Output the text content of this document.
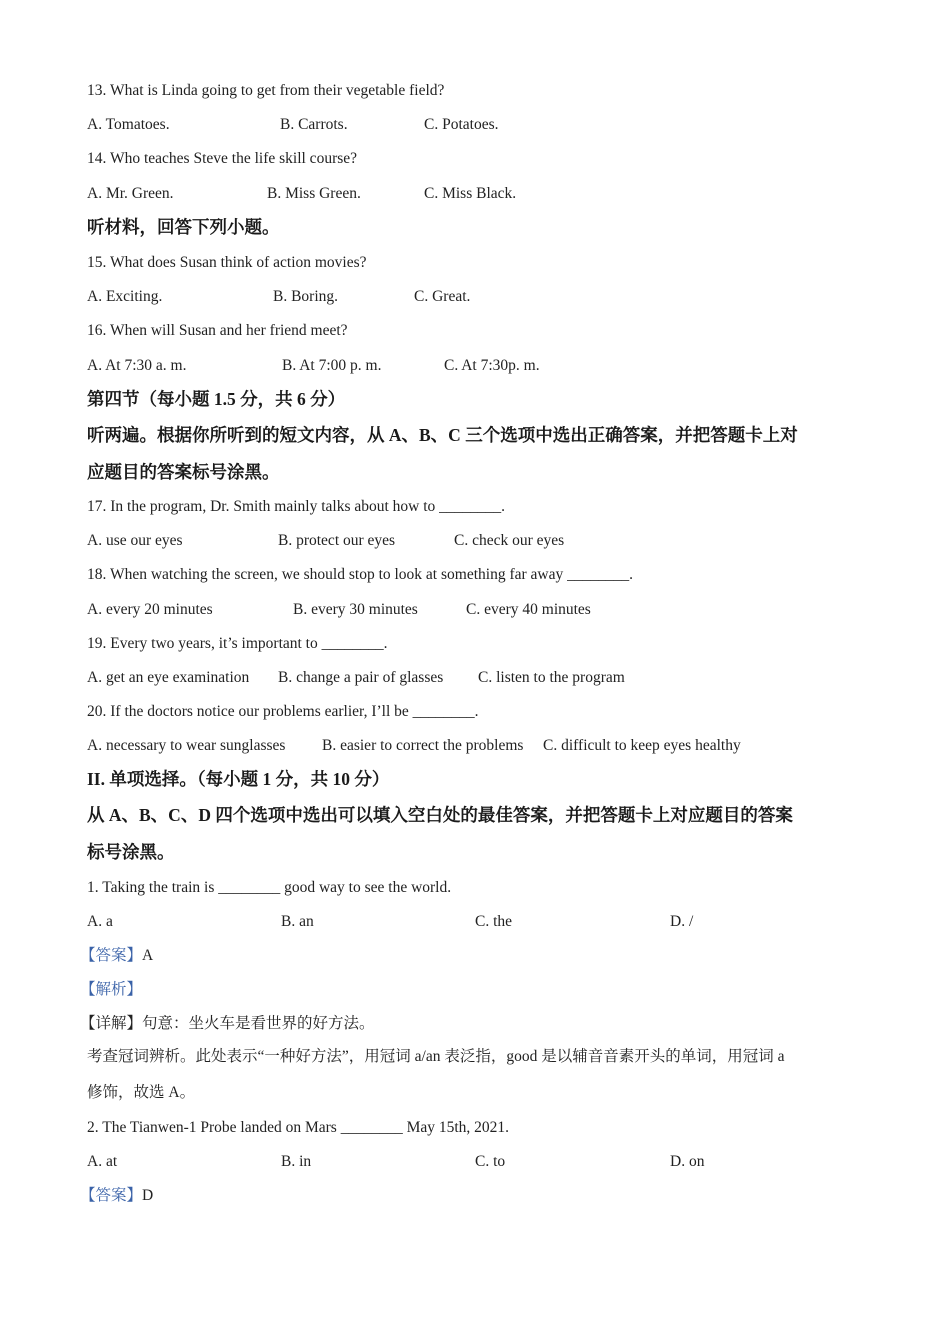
13. What is Linda going to get from their vegetable field?
A. Tomatoes.	B. Carrots.	C. Potatoes.
14. Who teaches Steve the life skill course?
A. Mr. Green.	B. Miss Green.	C. Miss Black.
听材料，回答下列小题。
15. What does Susan think of action movies?
A. Exciting.	B. Boring.	C. Great.
16. When will Susan and her friend meet?
A. At 7:30 a. m.	B. At 7:00 p. m.	C. At 7:30p. m.
第四节（每小题 1.5 分，共 6 分）
听两遍。根据你所听到的短文内容，从 A、B、C 三个选项中选出正确答案，并把答题卡上对
应题目的答案标号涂黑。
17. In the program, Dr. Smith mainly talks about how to ________.
A. use our eyes	B. protect our eyes	C. check our eyes
18. When watching the screen, we should stop to look at something far away ________.
A. every 20 minutes	B. every 30 minutes	C. every 40 minutes
19. Every two years, it’s important to ________.
A. get an eye examination B. change a pair of glasses C. listen to the program
20. If the doctors notice our problems earlier, I’ll be ________.
A. necessary to wear sunglasses B. easier to correct the problems C. difficult to keep eyes healthy
II. 单项选择。（每小题 1 分，共 10 分）
从 A、B、C、D 四个选项中选出可以填入空白处的最佳答案，并把答题卡上对应题目的答案
标号涂黑。
1. Taking the train is ________ good way to see the world.
A. a	B. an	C. the	D. /
【答案】A
【解析】
【详解】句意：坐火车是看世界的好方法。
考查冠词辨析。此处表示“一种好方法”，用冠词 a/an 表泛指，good 是以辅音音素开头的单词，用冠词 a
修饰，故选 A。
2. The Tianwen-1 Probe landed on Mars ________ May 15th, 2021.
A. at	B. in	C. to	D. on
【答案】D
